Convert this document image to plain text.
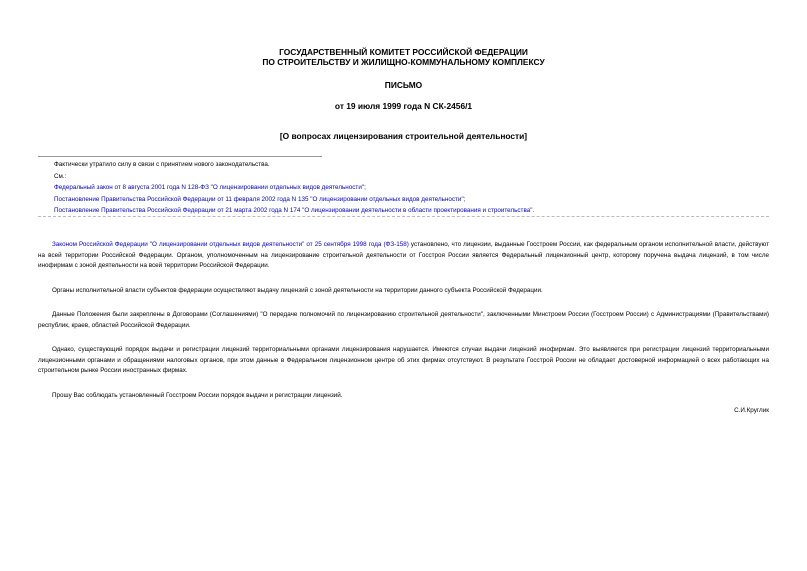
ГОСУДАРСТВЕННЫЙ КОМИТЕТ РОССИЙСКОЙ ФЕДЕРАЦИИ
ПО СТРОИТЕЛЬСТВУ И ЖИЛИЩНО-КОММУНАЛЬНОМУ КОМПЛЕКСУ
ПИСЬМО
от 19 июля 1999 года N СК-2456/1
[О вопросах лицензирования строительной деятельности]
Фактически утратило силу в связи с принятием нового законодательства.
См.:
Федеральный закон от 8 августа 2001 года N 128-ФЗ "О лицензировании отдельных видов деятельности";
Постановление Правительства Российской Федерации от 11 февраля 2002 года N 135 "О лицензировании отдельных видов деятельности";
Постановление Правительства Российской Федерации от 21 марта 2002 года N 174 "О лицензировании деятельности в области проектирования и строительства".

Законом Российской Федерации "О лицензировании отдельных видов деятельности" от 25 сентября 1998 года (ФЗ-158) установлено, что лицензии, выданные Госстроем России, как федеральным органом исполнительной власти, действуют на всей территории Российской Федерации. Органом, уполномоченным на лицензирование строительной деятельности от Госстроя России является Федеральный лицензионный центр, которому поручена выдача лицензий, в том числе инофирмам с зоной деятельности на всей территории Российской Федерации.

Органы исполнительной власти субъектов федерации осуществляют выдачу лицензий с зоной деятельности на территории данного субъекта Российской Федерации.

Данные Положения были закреплены в Договорами (Соглашениями) "О передаче полномочий по лицензированию строительной деятельности", заключенными Минстроем России (Госстроем России) с Администрациями (Правительствами) республик, краев, областей Российской Федерации.

Однако, существующий порядок выдачи и регистрации лицензий территориальными органами лицензирования нарушается. Имеются случаи выдачи лицензий инофирмам. Это выявляется при регистрации лицензий территориальными лицензионными органами и обращениями налоговых органов, при этом данные в Федеральном лицензионном центре об этих фирмах отсутствуют. В результате Госстрой России не обладает достоверной информацией о всех работающих на строительном рынке России иностранных фирмах.

Прошу Вас соблюдать установленный Госстроем России порядок выдачи и регистрации лицензий.

С.И.Круглик
